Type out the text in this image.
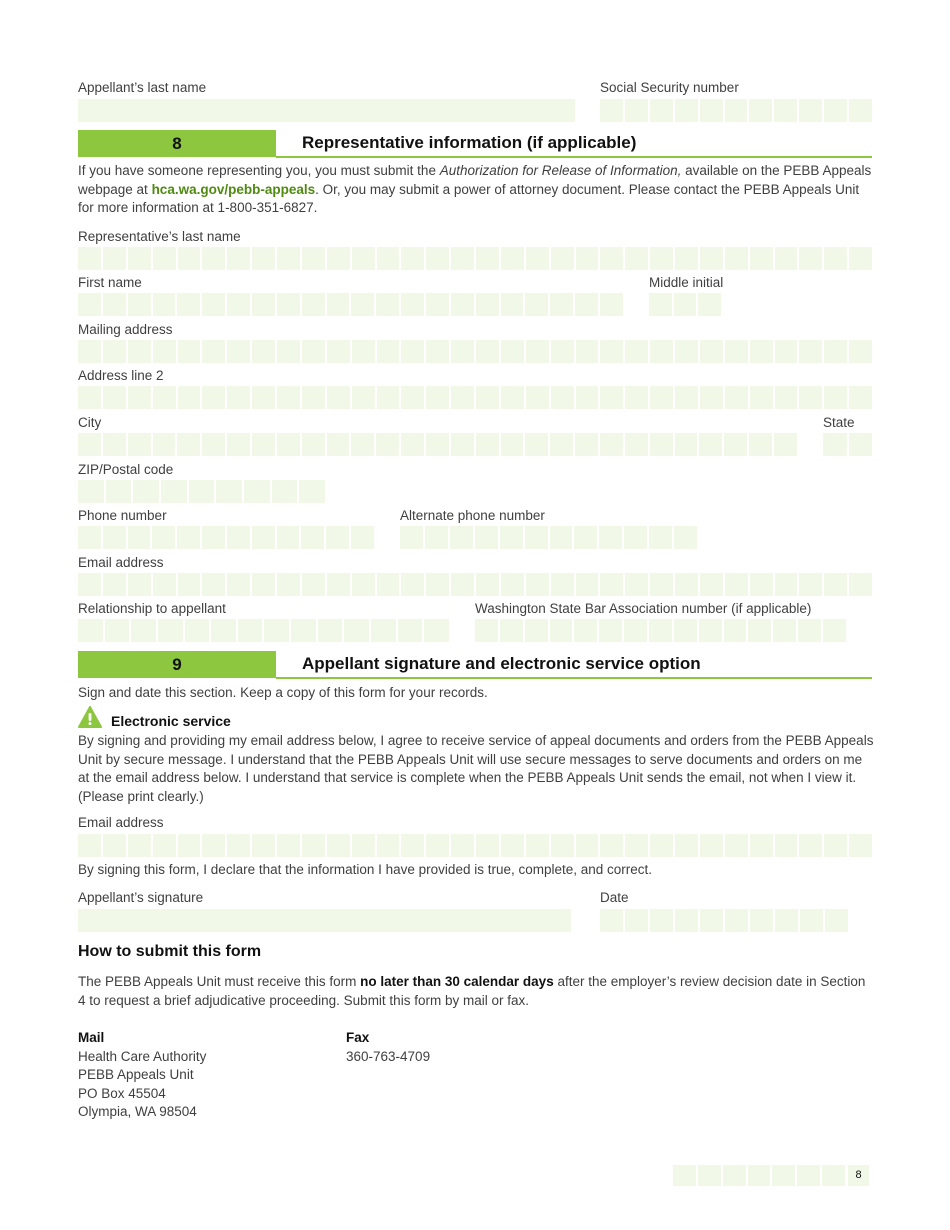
Appellant’s last name	Social Security number
8	Representative information (if applicable)
If you have someone representing you, you must submit the Authorization for Release of Information, available on the PEBB Appeals webpage at hca.wa.gov/pebb-appeals. Or, you may submit a power of attorney document. Please contact the PEBB Appeals Unit for more information at 1-800-351-6827.
Representative’s last name
First name	Middle initial
Mailing address
Address line 2
City	State
ZIP/Postal code
Phone number	Alternate phone number
Email address
Relationship to appellant	Washington State Bar Association number (if applicable)
9	Appellant signature and electronic service option
Sign and date this section. Keep a copy of this form for your records.
Electronic service
By signing and providing my email address below, I agree to receive service of appeal documents and orders from the PEBB Appeals Unit by secure message. I understand that the PEBB Appeals Unit will use secure messages to serve documents and orders on me at the email address below. I understand that service is complete when the PEBB Appeals Unit sends the email, not when I view it. (Please print clearly.)
Email address
By signing this form, I declare that the information I have provided is true, complete, and correct.
Appellant’s signature	Date
How to submit this form
The PEBB Appeals Unit must receive this form no later than 30 calendar days after the employer’s review decision date in Section 4 to request a brief adjudicative proceeding. Submit this form by mail or fax.
Mail
Health Care Authority
PEBB Appeals Unit
PO Box 45504
Olympia, WA 98504
Fax
360-763-4709
8
